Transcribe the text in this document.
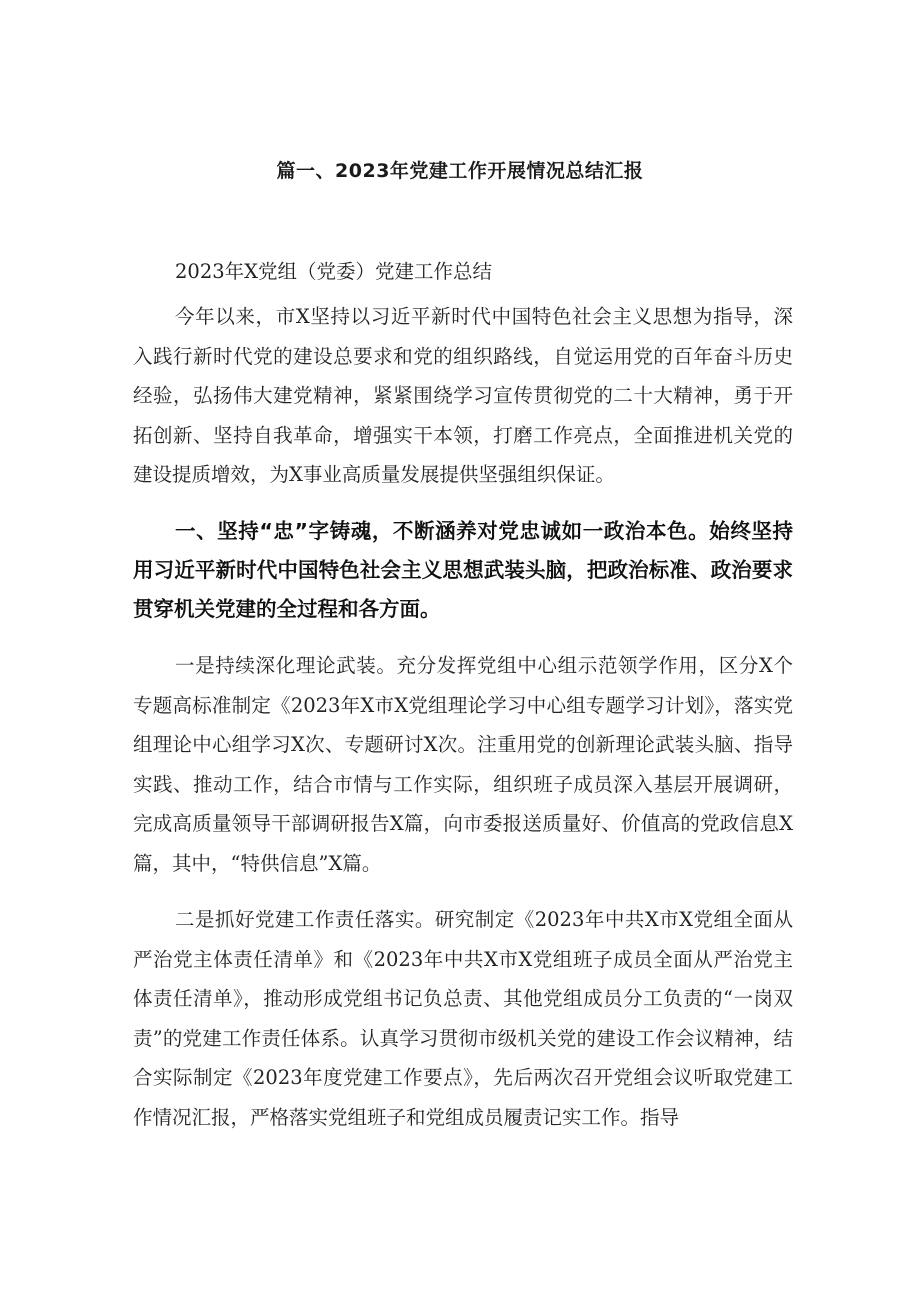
篇一、2023年党建工作开展情况总结汇报
2023年X党组（党委）党建工作总结
今年以来，市X坚持以习近平新时代中国特色社会主义思想为指导，深入践行新时代党的建设总要求和党的组织路线，自觉运用党的百年奋斗历史经验，弘扬伟大建党精神，紧紧围绕学习宣传贯彻党的二十大精神，勇于开拓创新、坚持自我革命，增强实干本领，打磨工作亮点，全面推进机关党的建设提质增效，为X事业高质量发展提供坚强组织保证。
一、坚持“忠”字铸魂，不断涵养对党忠诚如一政治本色。始终坚持用习近平新时代中国特色社会主义思想武装头脑，把政治标准、政治要求贯穿机关党建的全过程和各方面。
一是持续深化理论武装。充分发挥党组中心组示范领学作用，区分X个专题高标准制定《2023年X市X党组理论学习中心组专题学习计划》，落实党组理论中心组学习X次、专题研讨X次。注重用党的创新理论武装头脑、指导实践、推动工作，结合市情与工作实际，组织班子成员深入基层开展调研，完成高质量领导干部调研报告X篇，向市委报送质量好、价值高的党政信息X篇，其中，“特供信息”X篇。
二是抓好党建工作责任落实。研究制定《2023年中共X市X党组全面从严治党主体责任清单》和《2023年中共X市X党组班子成员全面从严治党主体责任清单》，推动形成党组书记负总责、其他党组成员分工负责的“一岗双责”的党建工作责任体系。认真学习贯彻市级机关党的建设工作会议精神，结合实际制定《2023年度党建工作要点》，先后两次召开党组会议听取党建工作情况汇报，严格落实党组班子和党组成员履责记实工作。指导
